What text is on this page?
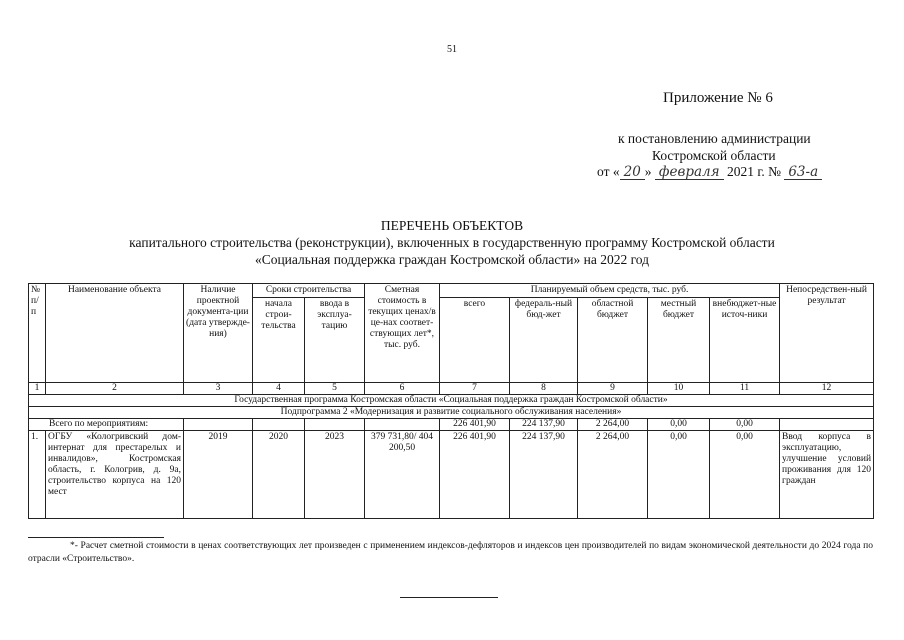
51
Приложение № 6
к постановлению администрации
Костромской области
от « 20 » февраля 2021 г. № 63-а
ПЕРЕЧЕНЬ ОБЪЕКТОВ
капитального строительства (реконструкции), включенных в государственную программу Костромской области
«Социальная поддержка граждан Костромской области» на 2022 год
№ п/п	Наименование объекта	Наличие проектной документа-ции (дата утвержде-ния)	Сроки строительства		Сметная стоимость в текущих ценах/в це-нах соответ-ствующих лет*, тыс. руб.	Планируемый объем средств, тыс. руб.					Непосредствен-ный результат
			начала строи-тельства	ввода в эксплуа-тацию		всего	федераль-ный бюд-жет	областной бюджет	местный бюджет	внебюджет-ные источ-ники	
1	2	3	4	5	6	7	8	9	10	11	12
Государственная программа Костромская области «Социальная поддержка граждан Костромской области»											
Подпрограмма 2 «Модернизация и развитие социального обслуживания населения»											
Всего по мероприятиям:						226 401,90	224 137,90	2 264,00	0,00	0,00	
1.	ОГБУ «Кологривский дом-интернат для престарелых и инвалидов», Костромская область, г. Кологрив, д. 9а, строительство корпуса на 120 мест	2019	2020	2023	379 731,80/ 404 200,50	226 401,90	224 137,90	2 264,00	0,00	0,00	Ввод корпуса в эксплуатацию, улучшение условий проживания для 120 граждан
*- Расчет сметной стоимости в ценах соответствующих лет произведен с применением индексов-дефляторов и индексов цен производителей по видам экономической деятельности до 2024 года по отрасли «Строительство».
